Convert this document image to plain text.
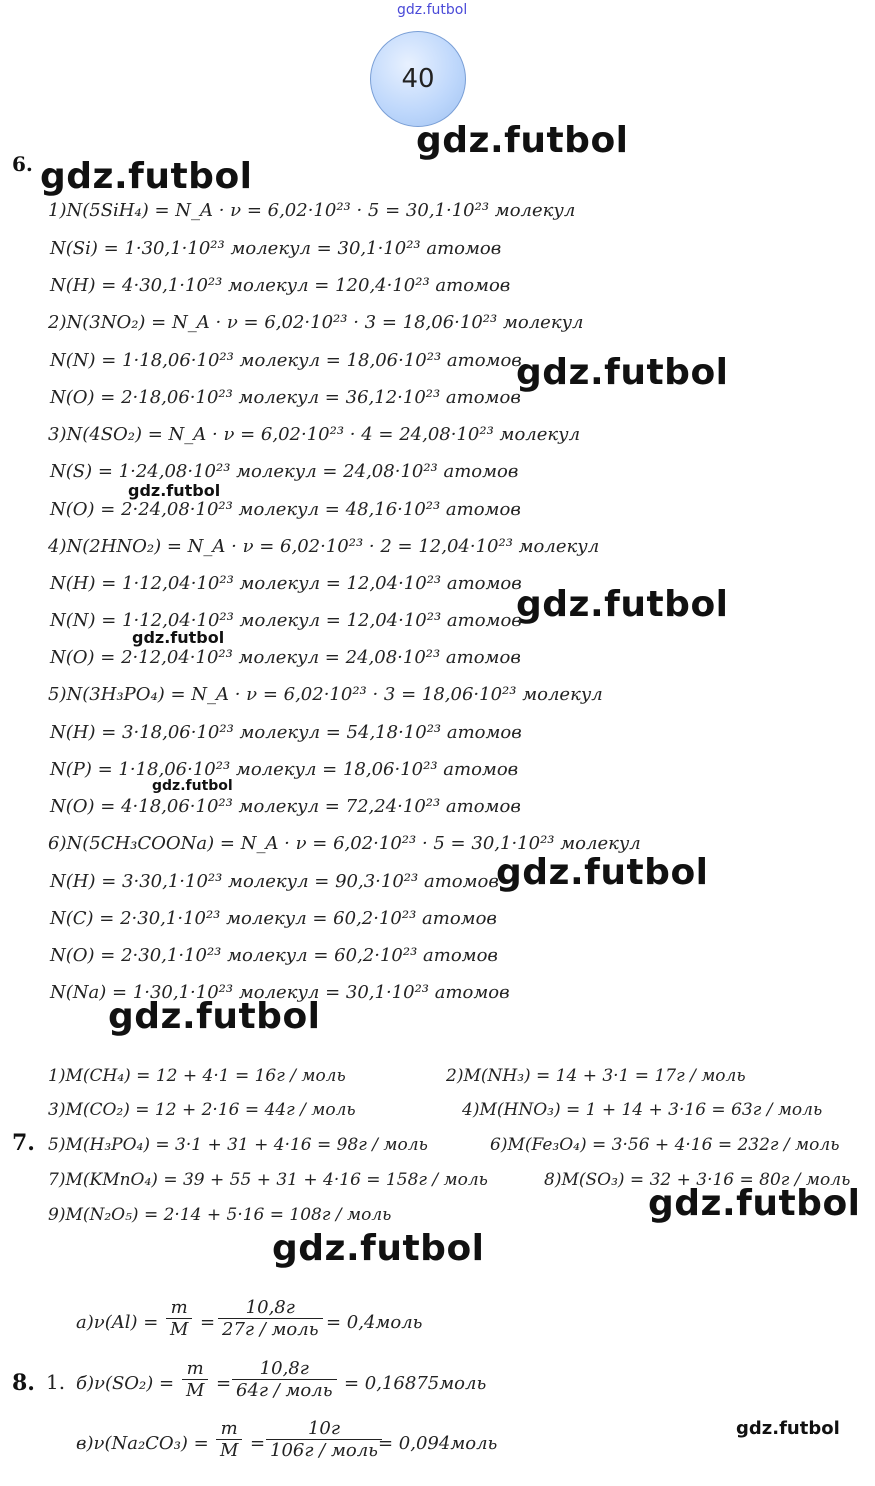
gdz.futbol
40
gdz.futbol
gdz.futbol
gdz.futbol
gdz.futbol
gdz.futbol
gdz.futbol
gdz.futbol
gdz.futbol
gdz.futbol
gdz.futbol
gdz.futbol
gdz.futbol
6.
1)N(5SiH₄) = N_A · ν = 6,02·10²³ · 5 = 30,1·10²³ молекул
N(Si) = 1·30,1·10²³ молекул = 30,1·10²³ атомов
N(H) = 4·30,1·10²³ молекул = 120,4·10²³ атомов
2)N(3NO₂) = N_A · ν = 6,02·10²³ · 3 = 18,06·10²³ молекул
N(N) = 1·18,06·10²³ молекул = 18,06·10²³ атомов
N(O) = 2·18,06·10²³ молекул = 36,12·10²³ атомов
3)N(4SO₂) = N_A · ν = 6,02·10²³ · 4 = 24,08·10²³ молекул
N(S) = 1·24,08·10²³ молекул = 24,08·10²³ атомов
N(O) = 2·24,08·10²³ молекул = 48,16·10²³ атомов
4)N(2HNO₂) = N_A · ν = 6,02·10²³ · 2 = 12,04·10²³ молекул
N(H) = 1·12,04·10²³ молекул = 12,04·10²³ атомов
N(N) = 1·12,04·10²³ молекул = 12,04·10²³ атомов
N(O) = 2·12,04·10²³ молекул = 24,08·10²³ атомов
5)N(3H₃PO₄) = N_A · ν = 6,02·10²³ · 3 = 18,06·10²³ молекул
N(H) = 3·18,06·10²³ молекул = 54,18·10²³ атомов
N(P) = 1·18,06·10²³ молекул = 18,06·10²³ атомов
N(O) = 4·18,06·10²³ молекул = 72,24·10²³ атомов
6)N(5CH₃COONa) = N_A · ν = 6,02·10²³ · 5 = 30,1·10²³ молекул
N(H) = 3·30,1·10²³ молекул = 90,3·10²³ атомов
N(C) = 2·30,1·10²³ молекул = 60,2·10²³ атомов
N(O) = 2·30,1·10²³ молекул = 60,2·10²³ атомов
N(Na) = 1·30,1·10²³ молекул = 30,1·10²³ атомов
7.
1)M(CH₄) = 12 + 4·1 = 16г / моль	2)M(NH₃) = 14 + 3·1 = 17г / моль
3)M(CO₂) = 12 + 2·16 = 44г / моль	4)M(HNO₃) = 1 + 14 + 3·16 = 63г / моль
5)M(H₃PO₄) = 3·1 + 31 + 4·16 = 98г / моль	6)M(Fe₃O₄) = 3·56 + 4·16 = 232г / моль
7)M(KMnO₄) = 39 + 55 + 31 + 4·16 = 158г / моль	8)M(SO₃) = 32 + 3·16 = 80г / моль
9)M(N₂O₅) = 2·14 + 5·16 = 108г / моль
8. 1.
$а)\nu(Al) = \frac{m}{M}$ =
10,8г
27г / моль = 0,4моль
$б)\nu(SO_2) = \frac{m}{M}$ =
10,8г
64г / моль = 0,16875моль
$в)\nu(Na_2CO_3) = \frac{m}{M}$ =
10г
106г / моль = 0,094моль
